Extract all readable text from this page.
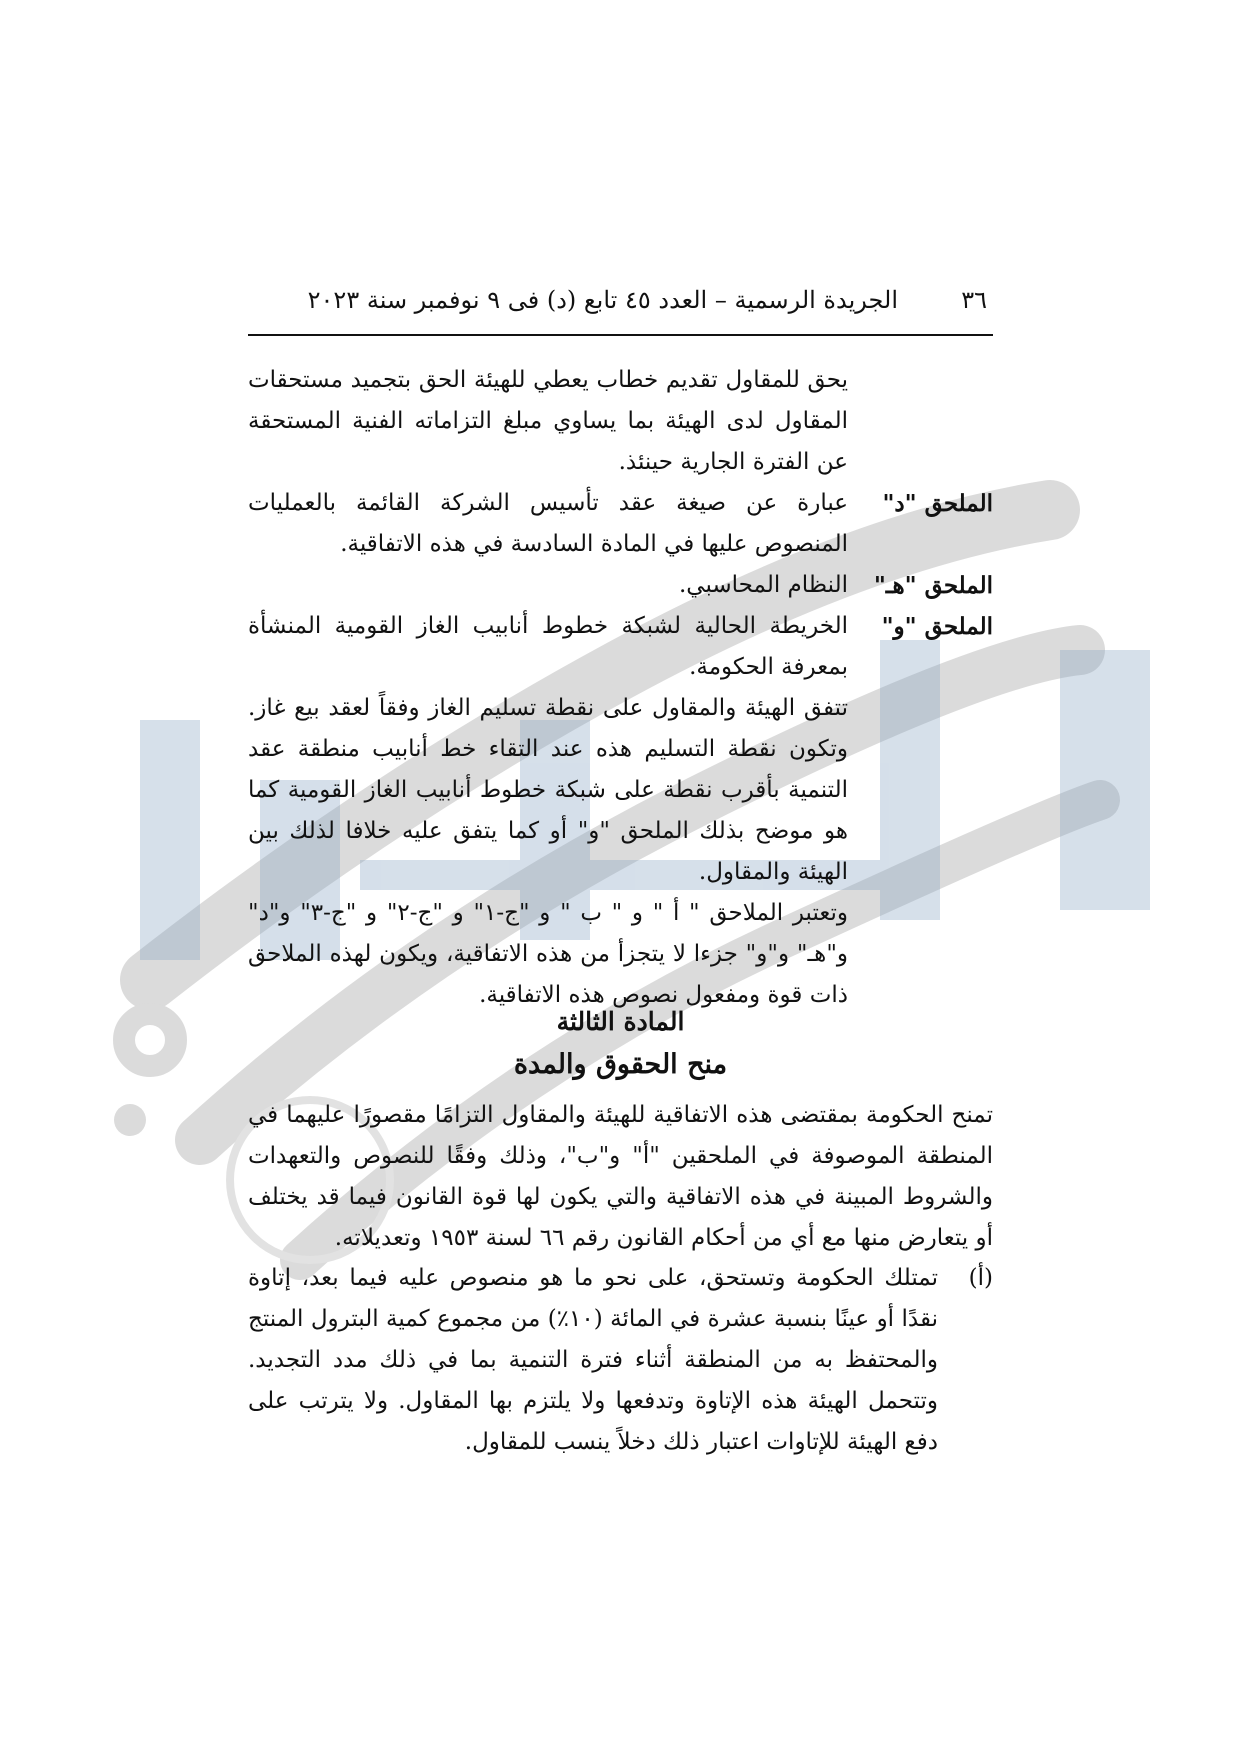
٣٦
الجريدة الرسمية – العدد ٤٥ تابع (د) فى ٩ نوفمبر سنة ٢٠٢٣
يحق للمقاول تقديم خطاب يعطي للهيئة الحق بتجميد مستحقات المقاول لدى الهيئة بما يساوي مبلغ التزاماته الفنية المستحقة عن الفترة الجارية حينئذ.
الملحق "د"
عبارة عن صيغة عقد تأسيس الشركة القائمة بالعمليات المنصوص عليها في المادة السادسة في هذه الاتفاقية.
الملحق "هـ"
النظام المحاسبي.
الملحق "و"
الخريطة الحالية لشبكة خطوط أنابيب الغاز القومية المنشأة بمعرفة الحكومة.
تتفق الهيئة والمقاول على نقطة تسليم الغاز وفقاً لعقد بيع غاز. وتكون نقطة التسليم هذه عند التقاء خط أنابيب منطقة عقد التنمية بأقرب نقطة على شبكة خطوط أنابيب الغاز القومية كما هو موضح بذلك الملحق "و" أو كما يتفق عليه خلافا لذلك بين الهيئة والمقاول.
وتعتبر الملاحق " أ " و " ب " و "ج-١" و "ج-٢" و "ج-٣" و"د" و"هـ" و"و" جزءا لا يتجزأ من هذه الاتفاقية، ويكون لهذه الملاحق ذات قوة ومفعول نصوص هذه الاتفاقية.
المادة الثالثة
منح الحقوق والمدة
تمنح الحكومة بمقتضى هذه الاتفاقية للهيئة والمقاول التزامًا مقصورًا عليهما في المنطقة الموصوفة في الملحقين "أ" و"ب"، وذلك وفقًا للنصوص والتعهدات والشروط المبينة في هذه الاتفاقية والتي يكون لها قوة القانون فيما قد يختلف أو يتعارض منها مع أي من أحكام القانون رقم ٦٦ لسنة ١٩٥٣ وتعديلاته.
(أ)
تمتلك الحكومة وتستحق، على نحو ما هو منصوص عليه فيما بعد، إتاوة نقدًا أو عينًا بنسبة عشرة في المائة (١٠٪) من مجموع كمية البترول المنتج والمحتفظ به من المنطقة أثناء فترة التنمية بما في ذلك مدد التجديد. وتتحمل الهيئة هذه الإتاوة وتدفعها ولا يلتزم بها المقاول. ولا يترتب على دفع الهيئة للإتاوات اعتبار ذلك دخلاً ينسب للمقاول.
